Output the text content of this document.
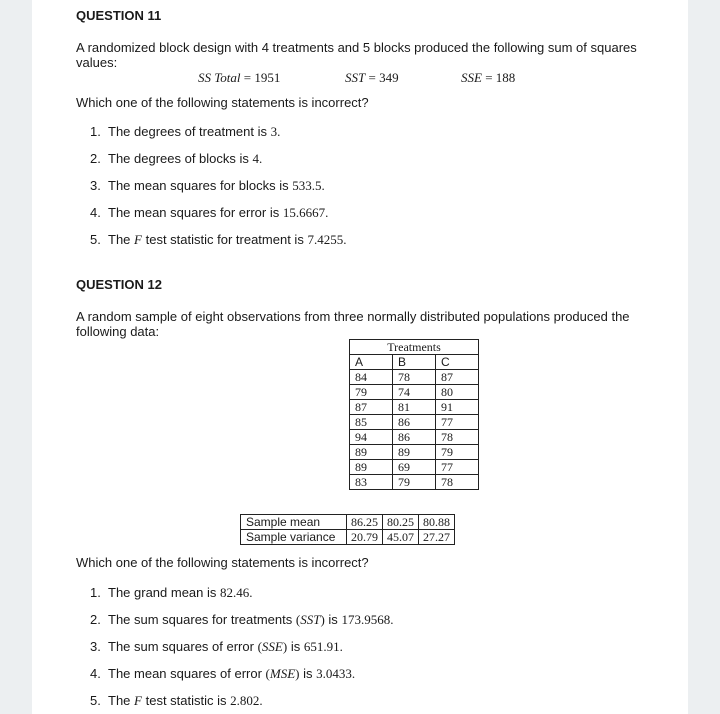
QUESTION 11
A randomized block design with 4 treatments and 5 blocks produced the following sum of squares values:
SS Total = 1951	SST = 349	SSE = 188
Which one of the following statements is incorrect?
1. The degrees of treatment is 3.
2. The degrees of blocks is 4.
3. The mean squares for blocks is 533.5.
4. The mean squares for error is 15.6667.
5. The F test statistic for treatment is 7.4255.
QUESTION 12
A random sample of eight observations from three normally distributed populations produced the following data:
Treatments		
A	B	C
84	78	87
79	74	80
87	81	91
85	86	77
94	86	78
89	89	79
89	69	77
83	79	78
Sample mean	86.25	80.25	80.88
Sample variance	20.79	45.07	27.27
Which one of the following statements is incorrect?
1. The grand mean is 82.46.
2. The sum squares for treatments (SST) is 173.9568.
3. The sum squares of error (SSE) is 651.91.
4. The mean squares of error (MSE) is 3.0433.
5. The F test statistic is 2.802.
